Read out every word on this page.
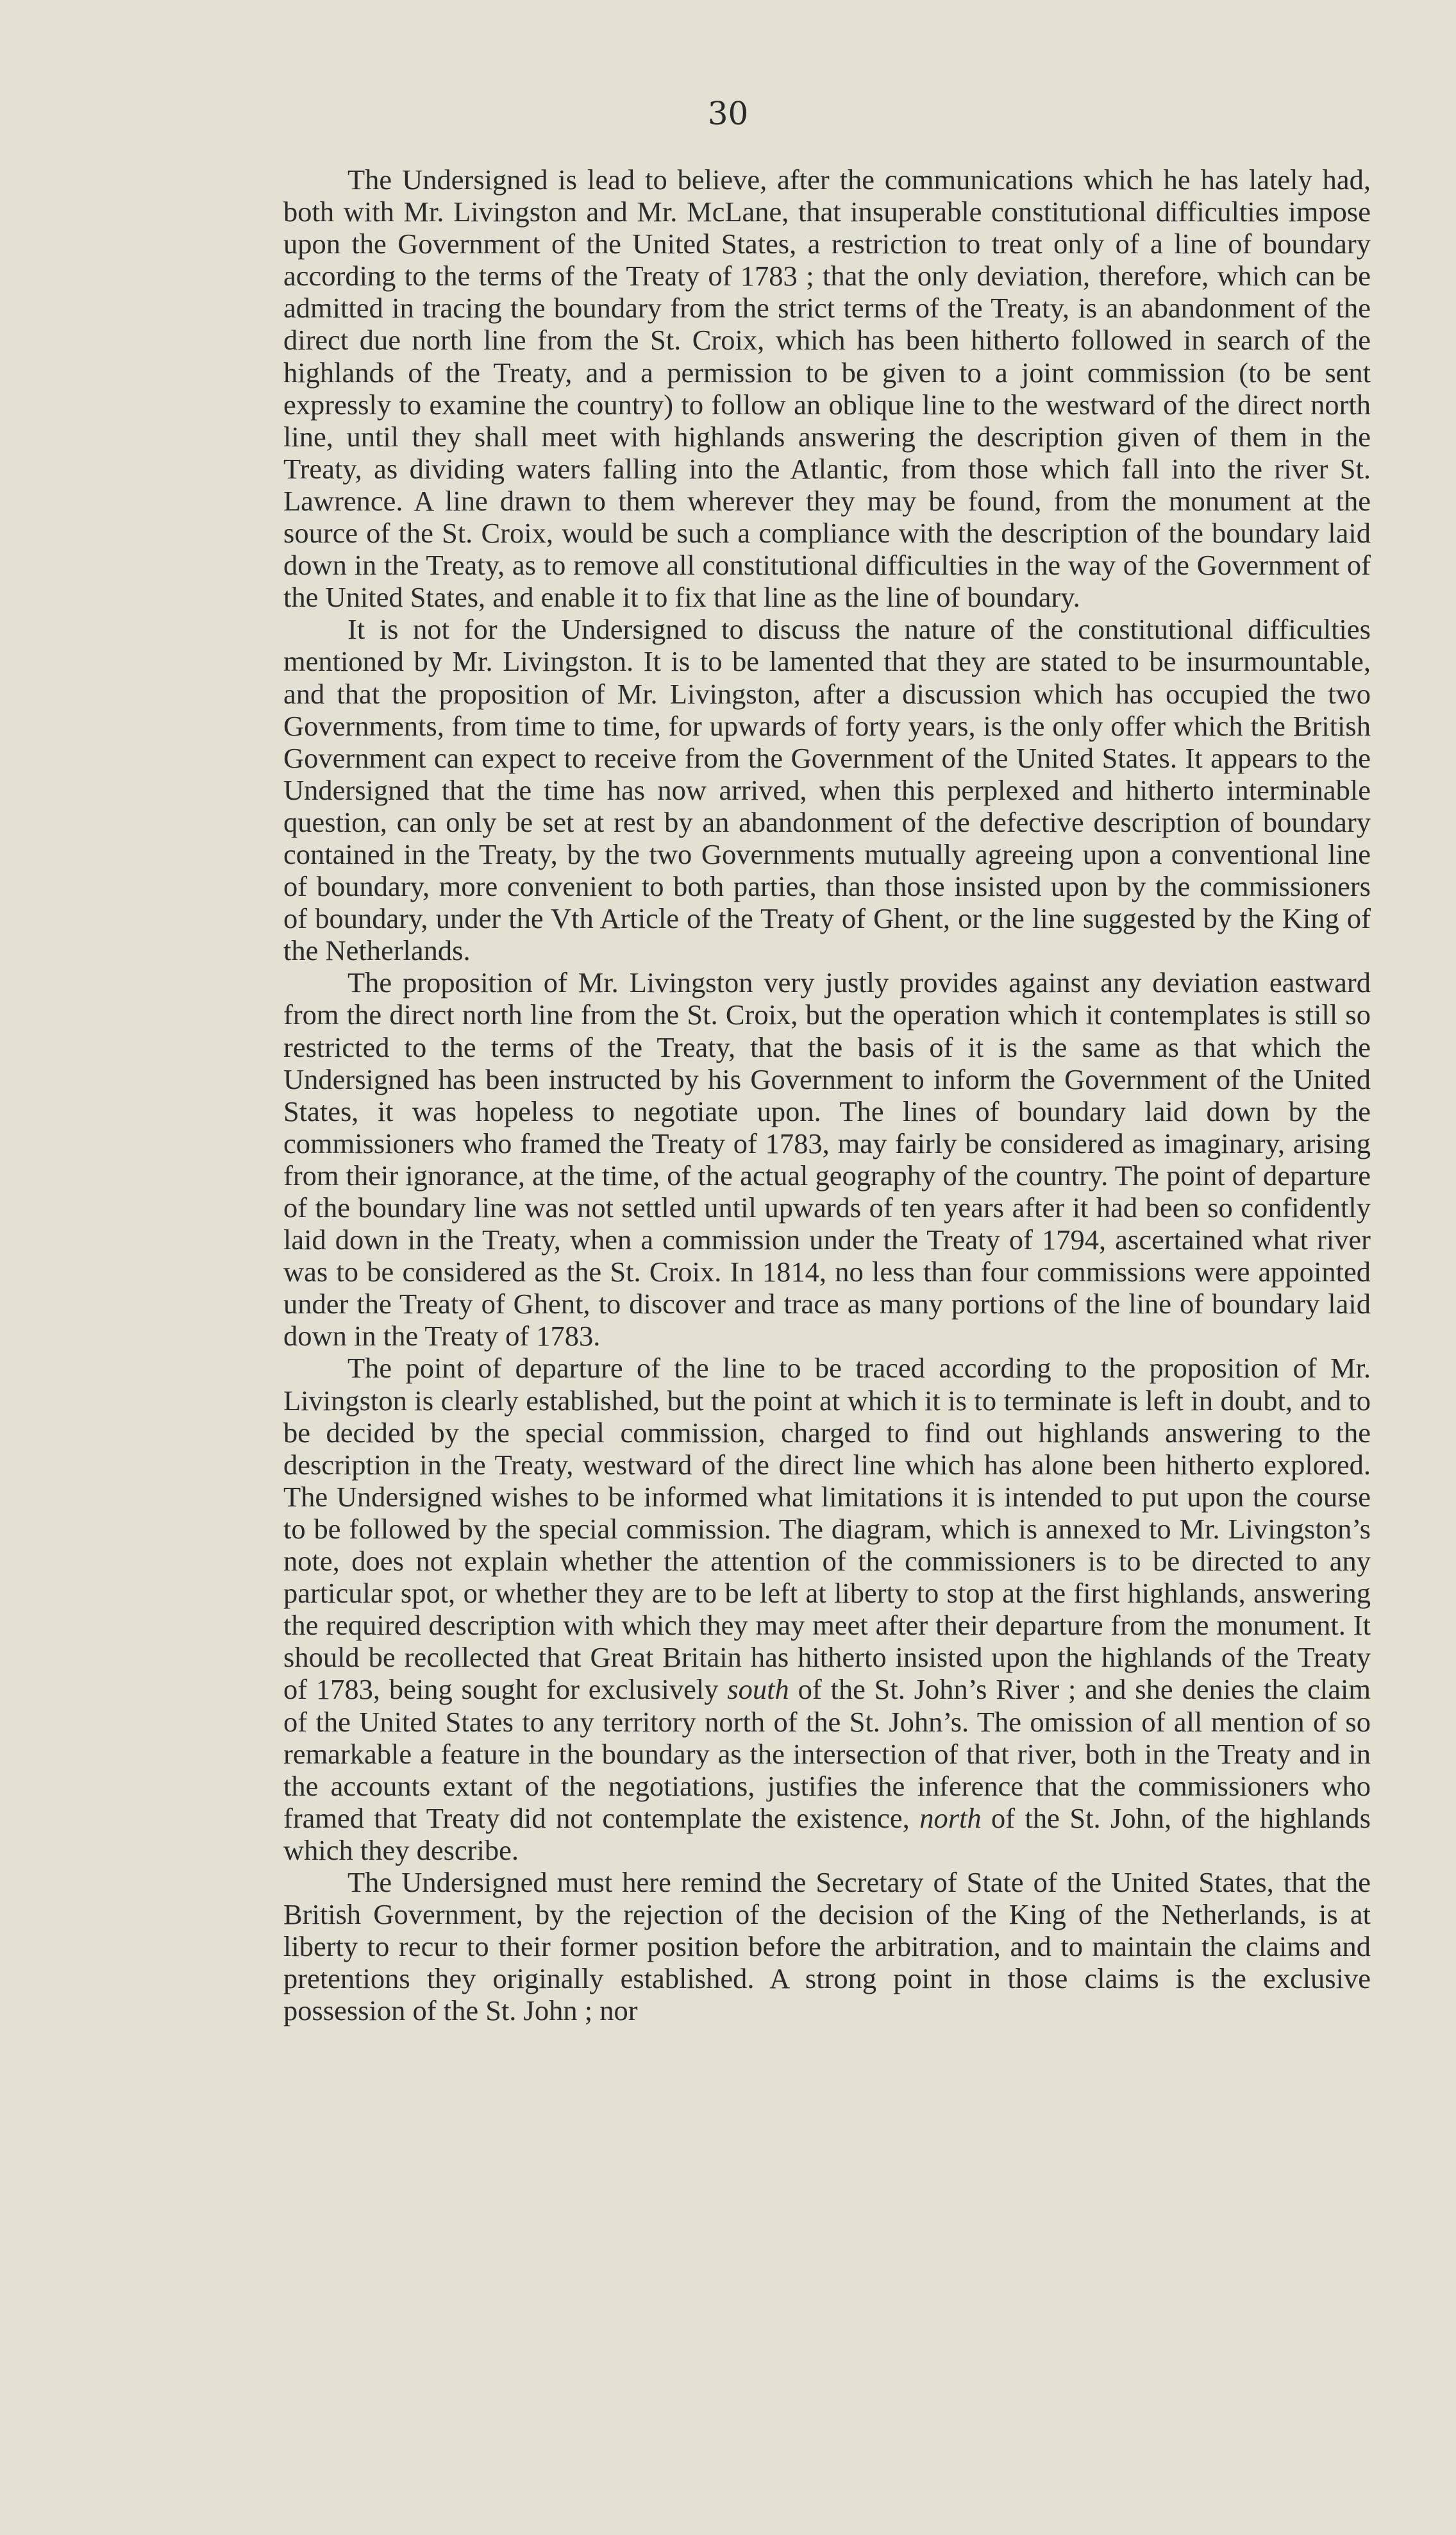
30

The Undersigned is lead to believe, after the communications which he has lately had, both with Mr. Livingston and Mr. McLane, that insuperable constitutional difficulties impose upon the Government of the United States, a restriction to treat only of a line of boundary according to the terms of the Treaty of 1783 ; that the only deviation, therefore, which can be admitted in tracing the boundary from the strict terms of the Treaty, is an abandonment of the direct due north line from the St. Croix, which has been hitherto followed in search of the highlands of the Treaty, and a permission to be given to a joint commission (to be sent expressly to examine the country) to follow an oblique line to the westward of the direct north line, until they shall meet with highlands answering the description given of them in the Treaty, as dividing waters falling into the Atlantic, from those which fall into the river St. Lawrence. A line drawn to them wherever they may be found, from the monument at the source of the St. Croix, would be such a compliance with the description of the boundary laid down in the Treaty, as to remove all constitutional difficulties in the way of the Government of the United States, and enable it to fix that line as the line of boundary.

It is not for the Undersigned to discuss the nature of the constitutional difficulties mentioned by Mr. Livingston. It is to be lamented that they are stated to be insurmountable, and that the proposition of Mr. Livingston, after a discussion which has occupied the two Governments, from time to time, for upwards of forty years, is the only offer which the British Government can expect to receive from the Government of the United States. It appears to the Undersigned that the time has now arrived, when this perplexed and hitherto interminable question, can only be set at rest by an abandonment of the defective description of boundary contained in the Treaty, by the two Governments mutually agreeing upon a conventional line of boundary, more convenient to both parties, than those insisted upon by the commissioners of boundary, under the Vth Article of the Treaty of Ghent, or the line suggested by the King of the Netherlands.

The proposition of Mr. Livingston very justly provides against any deviation eastward from the direct north line from the St. Croix, but the operation which it contemplates is still so restricted to the terms of the Treaty, that the basis of it is the same as that which the Undersigned has been instructed by his Government to inform the Government of the United States, it was hopeless to negotiate upon. The lines of boundary laid down by the commissioners who framed the Treaty of 1783, may fairly be considered as imaginary, arising from their ignorance, at the time, of the actual geography of the country. The point of departure of the boundary line was not settled until upwards of ten years after it had been so confidently laid down in the Treaty, when a commission under the Treaty of 1794, ascertained what river was to be considered as the St. Croix. In 1814, no less than four commissions were appointed under the Treaty of Ghent, to discover and trace as many portions of the line of boundary laid down in the Treaty of 1783.

The point of departure of the line to be traced according to the proposition of Mr. Livingston is clearly established, but the point at which it is to terminate is left in doubt, and to be decided by the special commission, charged to find out highlands answering to the description in the Treaty, westward of the direct line which has alone been hitherto explored. The Undersigned wishes to be informed what limitations it is intended to put upon the course to be followed by the special commission. The diagram, which is annexed to Mr. Livingston’s note, does not explain whether the attention of the commissioners is to be directed to any particular spot, or whether they are to be left at liberty to stop at the first highlands, answering the required description with which they may meet after their departure from the monument. It should be recollected that Great Britain has hitherto insisted upon the highlands of the Treaty of 1783, being sought for exclusively south of the St. John’s River ; and she denies the claim of the United States to any territory north of the St. John’s. The omission of all mention of so remarkable a feature in the boundary as the intersection of that river, both in the Treaty and in the accounts extant of the negotiations, justifies the inference that the commissioners who framed that Treaty did not contemplate the existence, north of the St. John, of the highlands which they describe.

The Undersigned must here remind the Secretary of State of the United States, that the British Government, by the rejection of the decision of the King of the Netherlands, is at liberty to recur to their former position before the arbitration, and to maintain the claims and pretentions they originally established. A strong point in those claims is the exclusive possession of the St. John ; nor
